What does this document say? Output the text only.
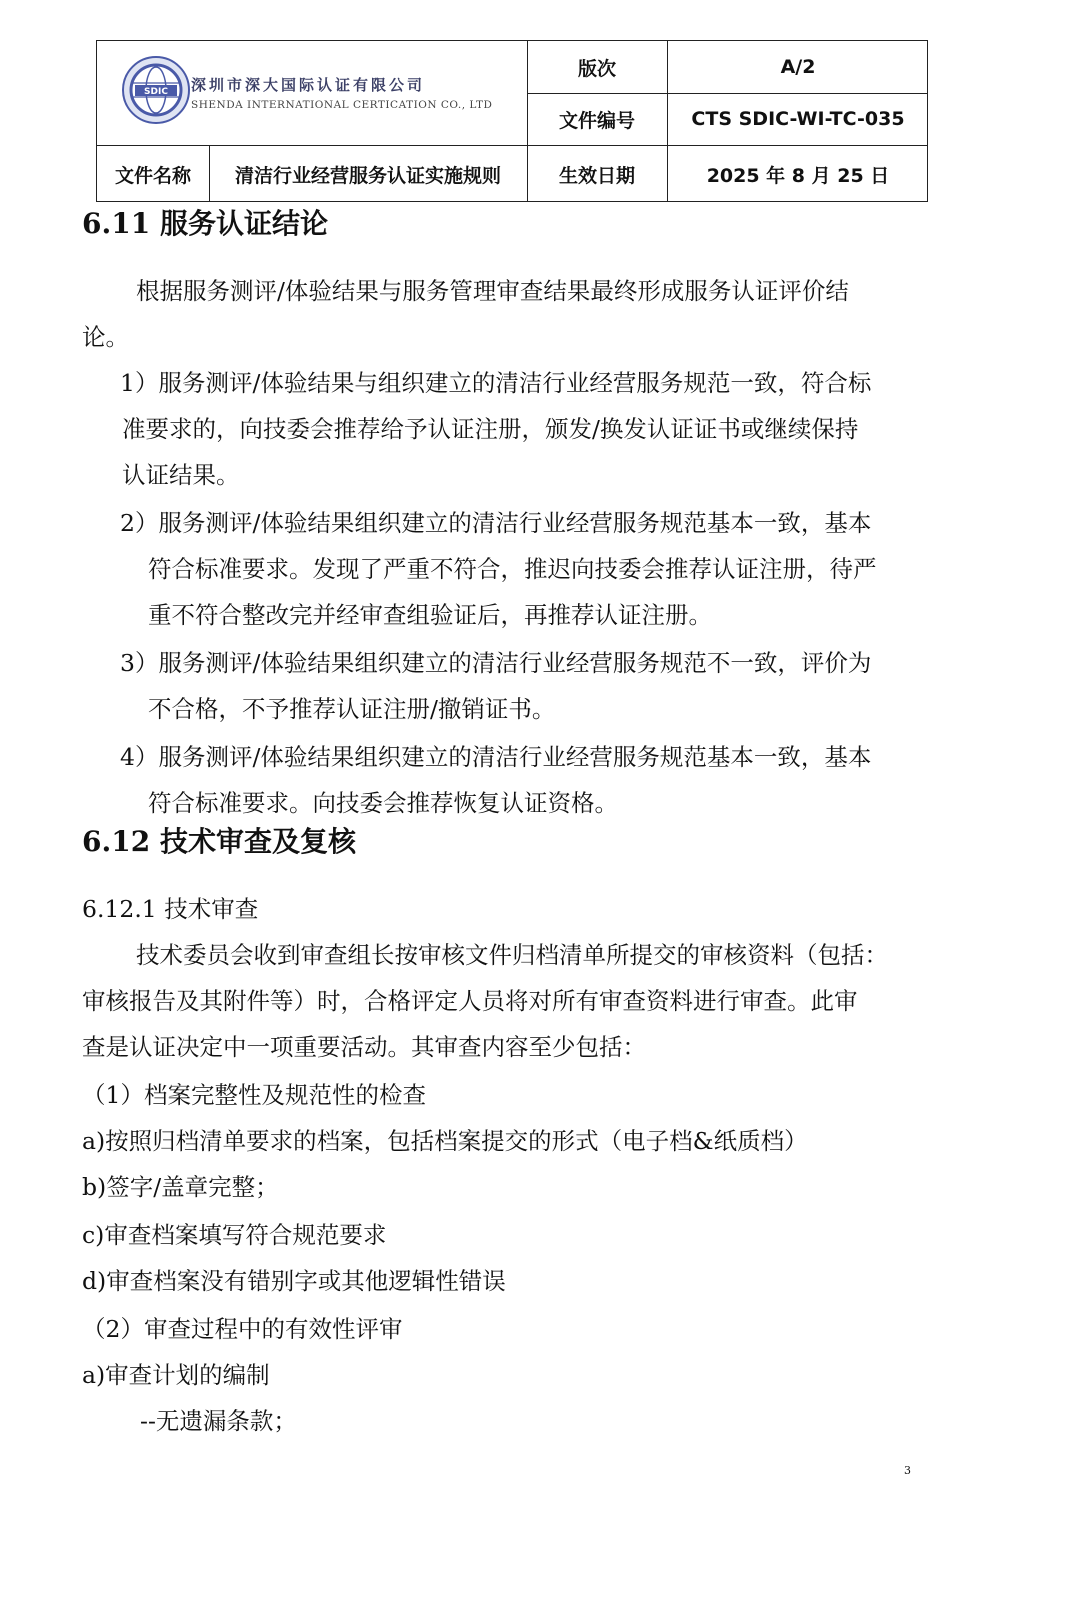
SDIC 深圳市深大国际认证有限公司
SHENDA INTERNATIONAL CERTICATION CO., LTD
版次	A/2
文件编号	CTS SDIC-WI-TC-035
文件名称	清洁行业经营服务认证实施规则	生效日期	2025 年 8 月 25 日
6.11 服务认证结论
根据服务测评/体验结果与服务管理审查结果最终形成服务认证评价结
论。
1）服务测评/体验结果与组织建立的清洁行业经营服务规范一致，符合标
准要求的，向技委会推荐给予认证注册，颁发/换发认证证书或继续保持
认证结果。
2）服务测评/体验结果组织建立的清洁行业经营服务规范基本一致，基本
符合标准要求。发现了严重不符合，推迟向技委会推荐认证注册，待严
重不符合整改完并经审查组验证后，再推荐认证注册。
3）服务测评/体验结果组织建立的清洁行业经营服务规范不一致，评价为
不合格，不予推荐认证注册/撤销证书。
4）服务测评/体验结果组织建立的清洁行业经营服务规范基本一致，基本
符合标准要求。向技委会推荐恢复认证资格。
6.12 技术审查及复核
6.12.1 技术审查
技术委员会收到审查组长按审核文件归档清单所提交的审核资料（包括：
审核报告及其附件等）时，合格评定人员将对所有审查资料进行审查。此审
查是认证决定中一项重要活动。其审查内容至少包括：
（1）档案完整性及规范性的检查
a)按照归档清单要求的档案，包括档案提交的形式（电子档&纸质档）
b)签字/盖章完整；
c)审查档案填写符合规范要求
d)审查档案没有错别字或其他逻辑性错误
（2）审查过程中的有效性评审
a)审查计划的编制
--无遗漏条款；
3
